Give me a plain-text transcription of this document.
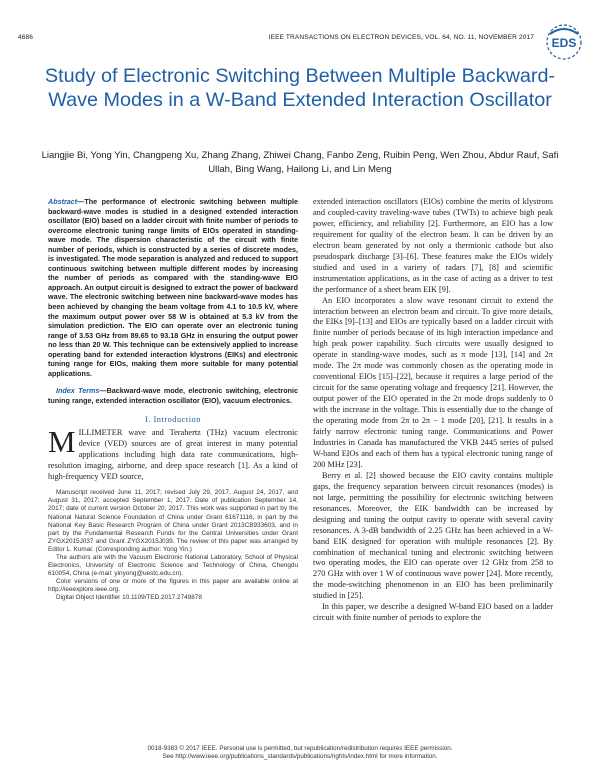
4686	IEEE TRANSACTIONS ON ELECTRON DEVICES, VOL. 64, NO. 11, NOVEMBER 2017 EDS
Study of Electronic Switching Between Multiple Backward-Wave Modes in a W-Band Extended Interaction Oscillator
Liangjie Bi, Yong Yin, Changpeng Xu, Zhang Zhang, Zhiwei Chang, Fanbo Zeng, Ruibin Peng, Wen Zhou, Abdur Rauf, Safi Ullah, Bing Wang, Hailong Li, and Lin Meng

Abstract—The performance of electronic switching between multiple backward-wave modes is studied in a designed extended interaction oscillator (EIO) based on a ladder circuit with finite number of periods to overcome electronic tuning range limits of EIOs operated in standing-wave mode. The dispersion characteristic of the circuit with finite number of periods, which is constructed by a series of discrete modes, is investigated. The mode separation is analyzed and reduced to support continuous switching between multiple different modes by increasing the number of periods as compared with the standing-wave EIO approach. An output circuit is designed to extract the power of backward wave. The electronic switching between nine backward-wave modes has been achieved by changing the beam voltage from 4.1 to 10.5 kV, where the maximum output power over 58 W is obtained at 5.3 kV from the simulation prediction. The EIO can operate over an electronic tuning range of 3.53 GHz from 89.65 to 93.18 GHz in ensuring the output power no less than 20 W. This technique can be extensively applied to increase operating band for extended interaction klystrons (EIKs) and electronic tuning range for EIOs, making them more suitable for many potential applications.

Index Terms—Backward-wave mode, electronic switching, electronic tuning range, extended interaction oscillator (EIO), vacuum electronics.

I. Introduction

MILLIMETER wave and Terahertz (THz) vacuum electronic device (VED) sources are of great interest in many potential applications including high data rate communications, high-resolution imaging, airborne, and deep space research [1]. As a kind of high-frequency VED source,

Manuscript received June 11, 2017; revised July 29, 2017, August 24, 2017, and August 31, 2017; accepted September 1, 2017. Date of publication September 14, 2017; date of current version October 20, 2017. This work was supported in part by the National Natural Science Foundation of China under Grant 61671116, in part by the National Key Basic Research Program of China under Grant 2013CB933603, and in part by the Fundamental Research Funds for the Central Universities under Grant ZYGX2015J037 and Grant ZYGX2015J039. The review of this paper was arranged by Editor L. Kumar. (Corresponding author: Yong Yin.)

The authors are with the Vacuum Electronic National Laboratory, School of Physical Electronics, University of Electronic Science and Technology of China, Chengdu 610054, China (e-mail: yinyong@uestc.edu.cn).

Color versions of one or more of the figures in this paper are available online at http://ieeexplore.ieee.org.

Digital Object Identifier 10.1109/TED.2017.2749878

extended interaction oscillators (EIOs) combine the merits of klystrons and coupled-cavity traveling-wave tubes (TWTs) to achieve high peak power, efficiency, and reliability [2]. Furthermore, an EIO has a low requirement for quality of the electron beam. It can be driven by an electron beam generated by not only a thermionic cathode but also pseudospark discharge [3]–[6]. These features make the EIOs widely studied and used in a variety of radars [7], [8] and scientific instrumentation applications, as in the case of acting as a driver to test the performance of a sheet beam EIK [9].

An EIO incorporates a slow wave resonant circuit to extend the interaction between an electron beam and circuit. To give more details, the EIKs [9]–[13] and EIOs are typically based on a ladder circuit with finite number of periods because of its high interaction impedance and high peak power capability. Such circuits were usually designed to operate in standing-wave modes, such as π mode [13], [14] and 2π mode. The 2π mode was commonly chosen as the operating mode in conventional EIOs [15]–[22], because it requires a large period of the circuit for the same operating voltage and frequency [21]. However, the output power of the EIO operated in the 2π mode drops suddenly to 0 with the increase in the voltage. This is essentially due to the change of the operating mode from 2π to 2π − 1 mode [20], [21]. It results in a fairly narrow electronic tuning range. Communications and Power Industries in Canada has manufactured the VKB 2445 series of pulsed W-band EIOs and each of them has a typical electronic tuning range of 200 MHz [23].

Berry et al. [2] showed because the EIO cavity contains multiple gaps, the frequency separation between circuit resonances (modes) is not large, permitting the possibility for electronic switching between resonances. Moreover, the EIK bandwidth can be increased by designing and tuning the output cavity to operate with several cavity resonances. A 3-dB bandwidth of 2.25 GHz has been achieved in a W-band EIK designed for operation with multiple resonances [2]. By combination of mechanical tuning and electronic switching between two operating modes, the EIO can operate over 12 GHz from 258 to 270 GHz with over 1 W of continuous wave power [24]. More recently, the mode-switching phenomenon in an EIO has been preliminarily studied in [25].

In this paper, we describe a designed W-band EIO based on a ladder circuit with finite number of periods to explore the

0018-9383 © 2017 IEEE. Personal use is permitted, but republication/redistribution requires IEEE permission.
See http://www.ieee.org/publications_standards/publications/rights/index.html for more information.
